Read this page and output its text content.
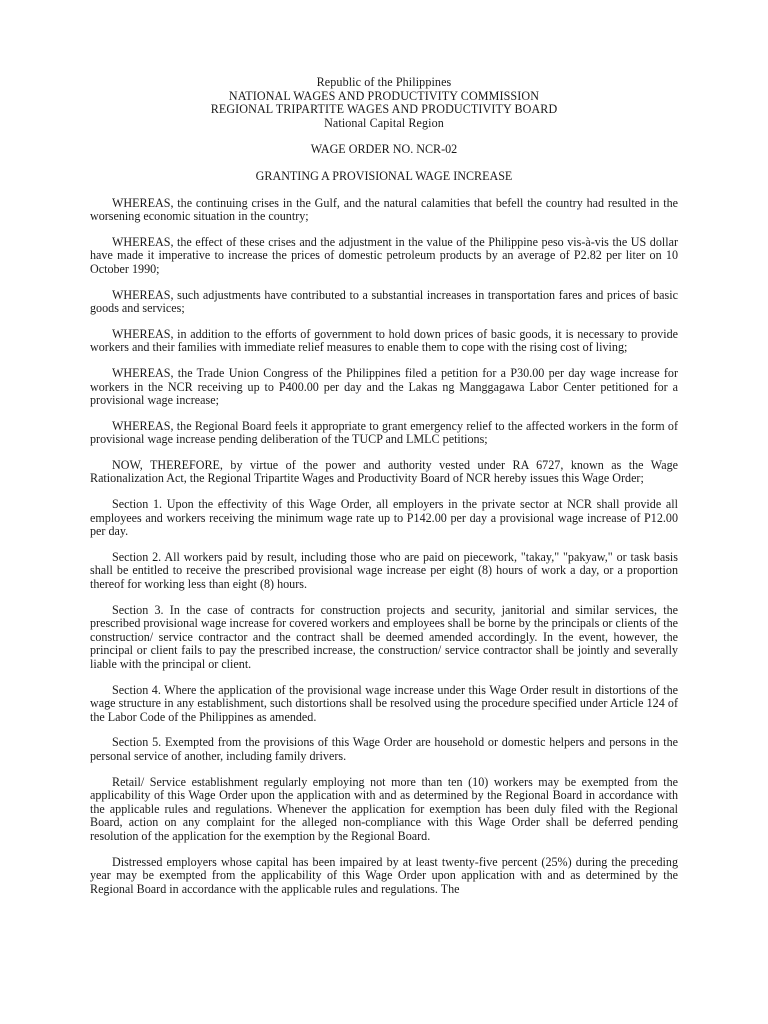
Republic of the Philippines
NATIONAL WAGES AND PRODUCTIVITY COMMISSION
REGIONAL TRIPARTITE WAGES AND PRODUCTIVITY BOARD
National Capital Region
WAGE ORDER NO. NCR-02
GRANTING A PROVISIONAL WAGE INCREASE

WHEREAS, the continuing crises in the Gulf, and the natural calamities that befell the country had resulted in the worsening economic situation in the country;

WHEREAS, the effect of these crises and the adjustment in the value of the Philippine peso vis-à-vis the US dollar have made it imperative to increase the prices of domestic petroleum products by an average of P2.82 per liter on 10 October 1990;

WHEREAS, such adjustments have contributed to a substantial increases in transportation fares and prices of basic goods and services;

WHEREAS, in addition to the efforts of government to hold down prices of basic goods, it is necessary to provide workers and their families with immediate relief measures to enable them to cope with the rising cost of living;

WHEREAS, the Trade Union Congress of the Philippines filed a petition for a P30.00 per day wage increase for workers in the NCR receiving up to P400.00 per day and the Lakas ng Manggagawa Labor Center petitioned for a provisional wage increase;

WHEREAS, the Regional Board feels it appropriate to grant emergency relief to the affected workers in the form of provisional wage increase pending deliberation of the TUCP and LMLC petitions;

NOW, THEREFORE, by virtue of the power and authority vested under RA 6727, known as the Wage Rationalization Act, the Regional Tripartite Wages and Productivity Board of NCR hereby issues this Wage Order;

Section 1. Upon the effectivity of this Wage Order, all employers in the private sector at NCR shall provide all employees and workers receiving the minimum wage rate up to P142.00 per day a provisional wage increase of P12.00 per day.

Section 2. All workers paid by result, including those who are paid on piecework, "takay," "pakyaw," or task basis shall be entitled to receive the prescribed provisional wage increase per eight (8) hours of work a day, or a proportion thereof for working less than eight (8) hours.

Section 3. In the case of contracts for construction projects and security, janitorial and similar services, the prescribed provisional wage increase for covered workers and employees shall be borne by the principals or clients of the construction/ service contractor and the contract shall be deemed amended accordingly. In the event, however, the principal or client fails to pay the prescribed increase, the construction/ service contractor shall be jointly and severally liable with the principal or client.

Section 4. Where the application of the provisional wage increase under this Wage Order result in distortions of the wage structure in any establishment, such distortions shall be resolved using the procedure specified under Article 124 of the Labor Code of the Philippines as amended.

Section 5. Exempted from the provisions of this Wage Order are household or domestic helpers and persons in the personal service of another, including family drivers.

Retail/ Service establishment regularly employing not more than ten (10) workers may be exempted from the applicability of this Wage Order upon the application with and as determined by the Regional Board in accordance with the applicable rules and regulations. Whenever the application for exemption has been duly filed with the Regional Board, action on any complaint for the alleged non-compliance with this Wage Order shall be deferred pending resolution of the application for the exemption by the Regional Board.

Distressed employers whose capital has been impaired by at least twenty-five percent (25%) during the preceding year may be exempted from the applicability of this Wage Order upon application with and as determined by the Regional Board in accordance with the applicable rules and regulations. The
